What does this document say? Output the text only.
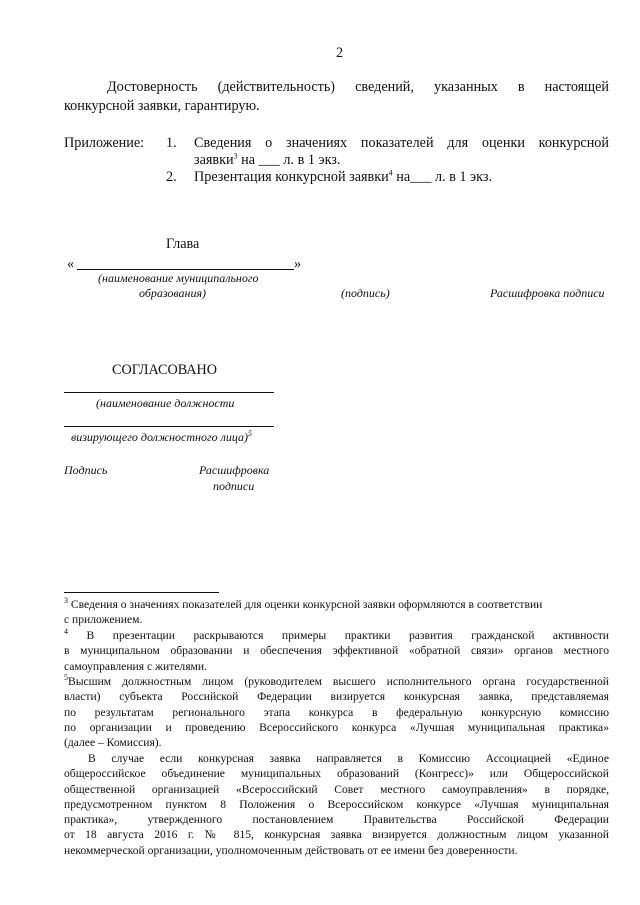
2
Достоверность (действительность) сведений, указанных в настоящей
конкурсной заявки, гарантирую.
Приложение: 1. Сведения о значениях показателей для оценки конкурсной
заявки$^3$ на ___ л. в 1 экз.
2. Презентация конкурсной заявки$^4$ на___ л. в 1 экз.
Глава
«	»
(наименование муниципального
образования)	(подпись)	Расшифровка подписи
СОГЛАСОВАНО
(наименование должности
визирующего должностного лица)$^5$
Подпись	Расшифровка
подписи
$^3$ Сведения о значениях показателей для оценки конкурсной заявки оформляются в соответствии
с приложением.
$^4$ В презентации раскрываются примеры практики развития гражданской активности
в муниципальном образовании и обеспечения эффективной «обратной связи» органов местного
самоуправления с жителями.
$^5$Высшим должностным лицом (руководителем высшего исполнительного органа государственной
власти) субъекта Российской Федерации визируется конкурсная заявка, представляемая
по результатам регионального этапа конкурса в федеральную конкурсную комиссию
по организации и проведению Всероссийского конкурса «Лучшая муниципальная практика»
(далее – Комиссия).
В случае если конкурсная заявка направляется в Комиссию Ассоциацией «Единое
общероссийское объединение муниципальных образований (Конгресс)» или Общероссийской
общественной организацией «Всероссийский Совет местного самоуправления» в порядке,
предусмотренном пунктом 8 Положения о Всероссийском конкурсе «Лучшая муниципальная
практика», утвержденного постановлением Правительства Российской Федерации
от 18 августа 2016 г. № 815, конкурсная заявка визируется должностным лицом указанной
некоммерческой организации, уполномоченным действовать от ее имени без доверенности.
